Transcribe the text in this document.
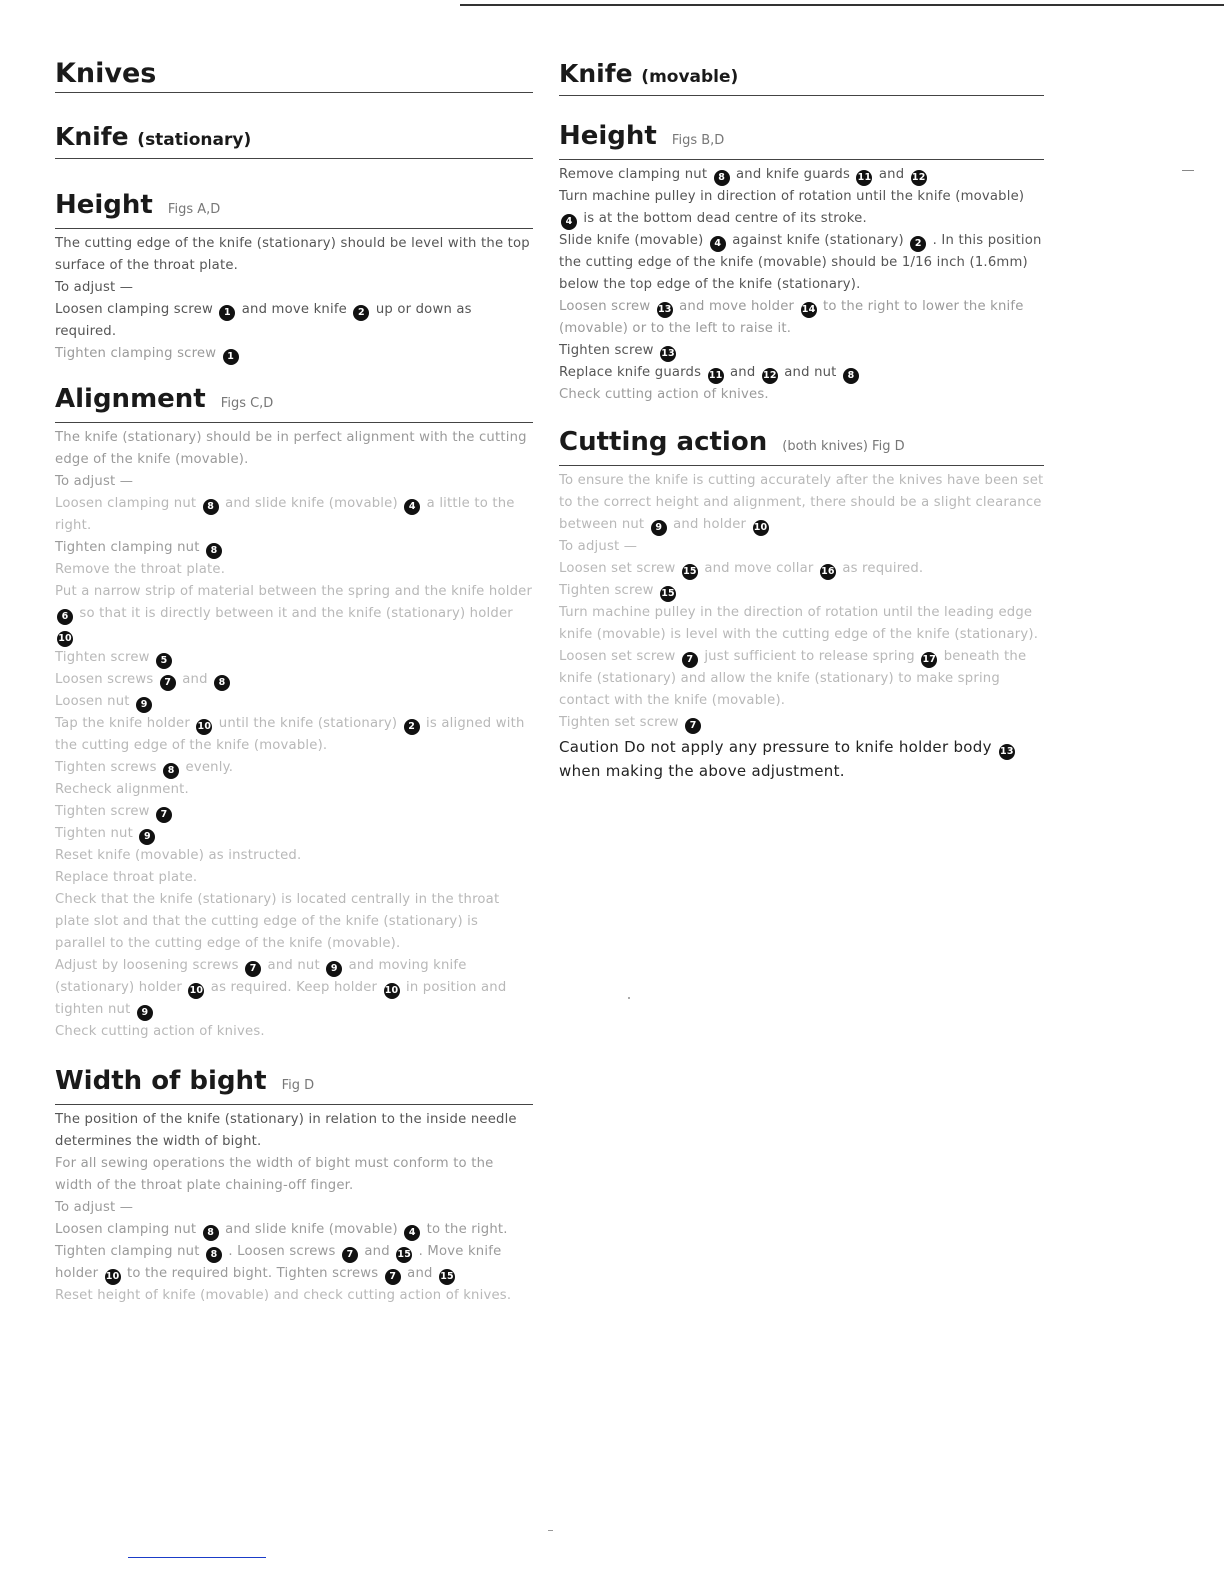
Knives
Knife (stationary)
Height Figs A,D

The cutting edge of the knife (stationary) should be level with the top surface of the throat plate.

To adjust —

Loosen clamping screw 1 and move knife 2 up or down as required.

Tighten clamping screw 1

Alignment Figs C,D

The knife (stationary) should be in perfect alignment with the cutting edge of the knife (movable).

To adjust —

Loosen clamping nut 8 and slide knife (movable) 4 a little to the right.

Tighten clamping nut 8

Remove the throat plate.

Put a narrow strip of material between the spring and the knife holder 6 so that it is directly between it and the knife (stationary) holder 10

Tighten screw 5

Loosen screws 7 and 8

Loosen nut 9

Tap the knife holder 10 until the knife (stationary) 2 is aligned with the cutting edge of the knife (movable).

Tighten screws 8 evenly.

Recheck alignment.

Tighten screw 7

Tighten nut 9

Reset knife (movable) as instructed.

Replace throat plate.

Check that the knife (stationary) is located centrally in the throat plate slot and that the cutting edge of the knife (stationary) is parallel to the cutting edge of the knife (movable).

Adjust by loosening screws 7 and nut 9 and moving knife (stationary) holder 10 as required. Keep holder 10 in position and tighten nut 9

Check cutting action of knives.

Width of bight Fig D

The position of the knife (stationary) in relation to the inside needle determines the width of bight.

For all sewing operations the width of bight must conform to the width of the throat plate chaining-off finger.

To adjust —

Loosen clamping nut 8 and slide knife (movable) 4 to the right.

Tighten clamping nut 8 . Loosen screws 7 and 15 . Move knife holder 10 to the required bight. Tighten screws 7 and 15

Reset height of knife (movable) and check cutting action of knives.

Knife (movable)
Height Figs B,D

Remove clamping nut 8 and knife guards 11 and 12

Turn machine pulley in direction of rotation until the knife (movable) 4 is at the bottom dead centre of its stroke.

Slide knife (movable) 4 against knife (stationary) 2 . In this position the cutting edge of the knife (movable) should be 1/16 inch (1.6mm) below the top edge of the knife (stationary).

Loosen screw 13 and move holder 14 to the right to lower the knife (movable) or to the left to raise it.

Tighten screw 13

Replace knife guards 11 and 12 and nut 8

Check cutting action of knives.

Cutting action (both knives) Fig D

To ensure the knife is cutting accurately after the knives have been set to the correct height and alignment, there should be a slight clearance between nut 9 and holder 10

To adjust —

Loosen set screw 15 and move collar 16 as required.

Tighten screw 15

Turn machine pulley in the direction of rotation until the leading edge knife (movable) is level with the cutting edge of the knife (stationary). Loosen set screw 7 just sufficient to release spring 17 beneath the knife (stationary) and allow the knife (stationary) to make spring contact with the knife (movable).

Tighten set screw 7

Caution Do not apply any pressure to knife holder body 13 when making the above adjustment.
